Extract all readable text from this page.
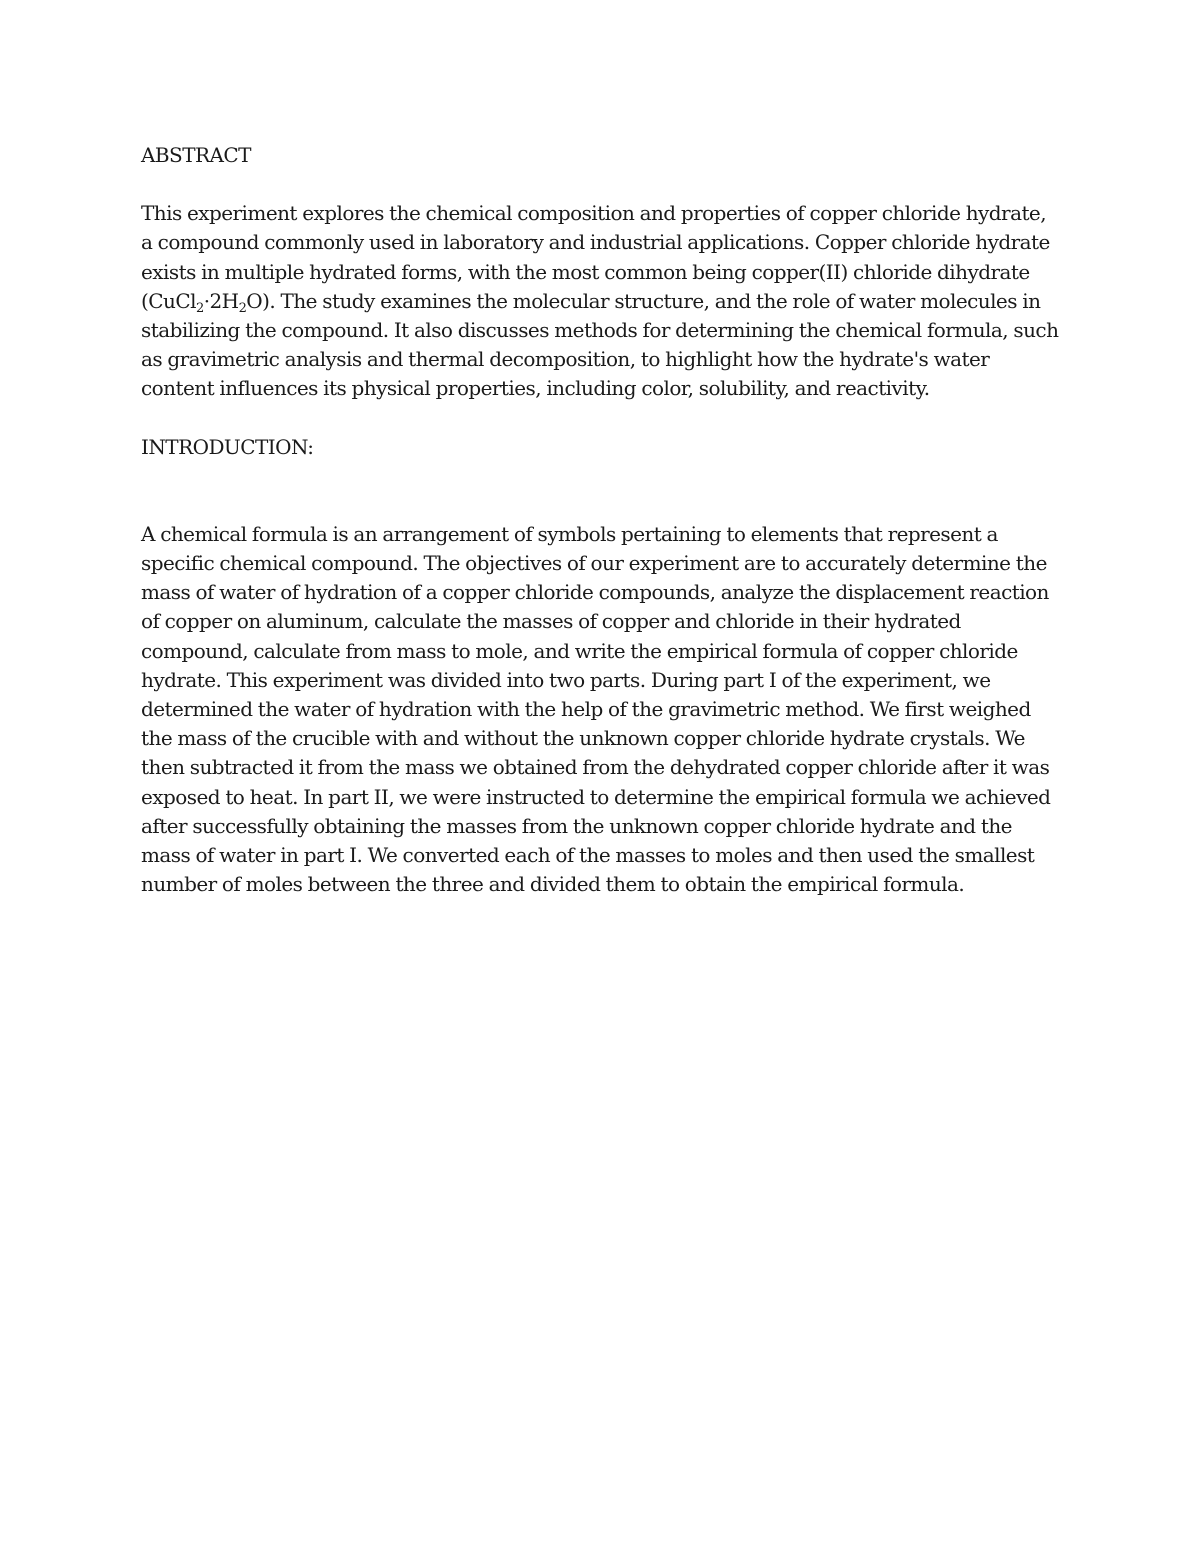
ABSTRACT

This experiment explores the chemical composition and properties of copper chloride hydrate, a compound commonly used in laboratory and industrial applications. Copper chloride hydrate exists in multiple hydrated forms, with the most common being copper(II) chloride dihydrate $(CuCl_2\cdot 2H_2O)$. The study examines the molecular structure, and the role of water molecules in stabilizing the compound. It also discusses methods for determining the chemical formula, such as gravimetric analysis and thermal decomposition, to highlight how the hydrate's water content influences its physical properties, including color, solubility, and reactivity.

INTRODUCTION:

A chemical formula is an arrangement of symbols pertaining to elements that represent a specific chemical compound. The objectives of our experiment are to accurately determine the mass of water of hydration of a copper chloride compounds, analyze the displacement reaction of copper on aluminum, calculate the masses of copper and chloride in their hydrated compound, calculate from mass to mole, and write the empirical formula of copper chloride hydrate. This experiment was divided into two parts. During part I of the experiment, we determined the water of hydration with the help of the gravimetric method. We first weighed the mass of the crucible with and without the unknown copper chloride hydrate crystals. We then subtracted it from the mass we obtained from the dehydrated copper chloride after it was exposed to heat. In part II, we were instructed to determine the empirical formula we achieved after successfully obtaining the masses from the unknown copper chloride hydrate and the mass of water in part I. We converted each of the masses to moles and then used the smallest number of moles between the three and divided them to obtain the empirical formula.
